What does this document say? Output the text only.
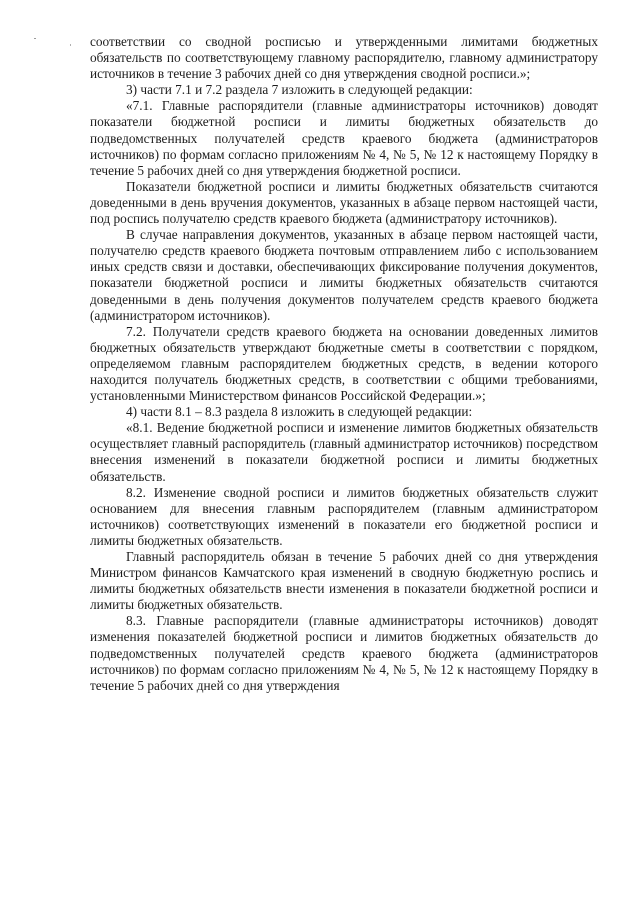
соответствии со сводной росписью и утвержденными лимитами бюджетных обязательств по соответствующему главному распорядителю, главному администратору источников в течение 3 рабочих дней со дня утверждения сводной росписи.»;

3) части 7.1 и 7.2 раздела 7 изложить в следующей редакции:

«7.1. Главные распорядители (главные администраторы источников) доводят показатели бюджетной росписи и лимиты бюджетных обязательств до подведомственных получателей средств краевого бюджета (администраторов источников) по формам согласно приложениям № 4, № 5, № 12 к настоящему Порядку в течение 5 рабочих дней со дня утверждения бюджетной росписи.

Показатели бюджетной росписи и лимиты бюджетных обязательств считаются доведенными в день вручения документов, указанных в абзаце первом настоящей части, под роспись получателю средств краевого бюджета (администратору источников).

В случае направления документов, указанных в абзаце первом настоящей части, получателю средств краевого бюджета почтовым отправлением либо с использованием иных средств связи и доставки, обеспечивающих фиксирование получения документов, показатели бюджетной росписи и лимиты бюджетных обязательств считаются доведенными в день получения документов получателем средств краевого бюджета (администратором источников).

7.2. Получатели средств краевого бюджета на основании доведенных лимитов бюджетных обязательств утверждают бюджетные сметы в соответствии с порядком, определяемом главным распорядителем бюджетных средств, в ведении которого находится получатель бюджетных средств, в соответствии с общими требованиями, установленными Министерством финансов Российской Федерации.»;

4) части 8.1 – 8.3 раздела 8 изложить в следующей редакции:

«8.1. Ведение бюджетной росписи и изменение лимитов бюджетных обязательств осуществляет главный распорядитель (главный администратор источников) посредством внесения изменений в показатели бюджетной росписи и лимиты бюджетных обязательств.

8.2. Изменение сводной росписи и лимитов бюджетных обязательств служит основанием для внесения главным распорядителем (главным администратором источников) соответствующих изменений в показатели его бюджетной росписи и лимиты бюджетных обязательств.

Главный распорядитель обязан в течение 5 рабочих дней со дня утверждения Министром финансов Камчатского края изменений в сводную бюджетную роспись и лимиты бюджетных обязательств внести изменения в показатели бюджетной росписи и лимиты бюджетных обязательств.

8.3. Главные распорядители (главные администраторы источников) доводят изменения показателей бюджетной росписи и лимитов бюджетных обязательств до подведомственных получателей средств краевого бюджета (администраторов источников) по формам согласно приложениям № 4, № 5, № 12 к настоящему Порядку в течение 5 рабочих дней со дня утверждения
